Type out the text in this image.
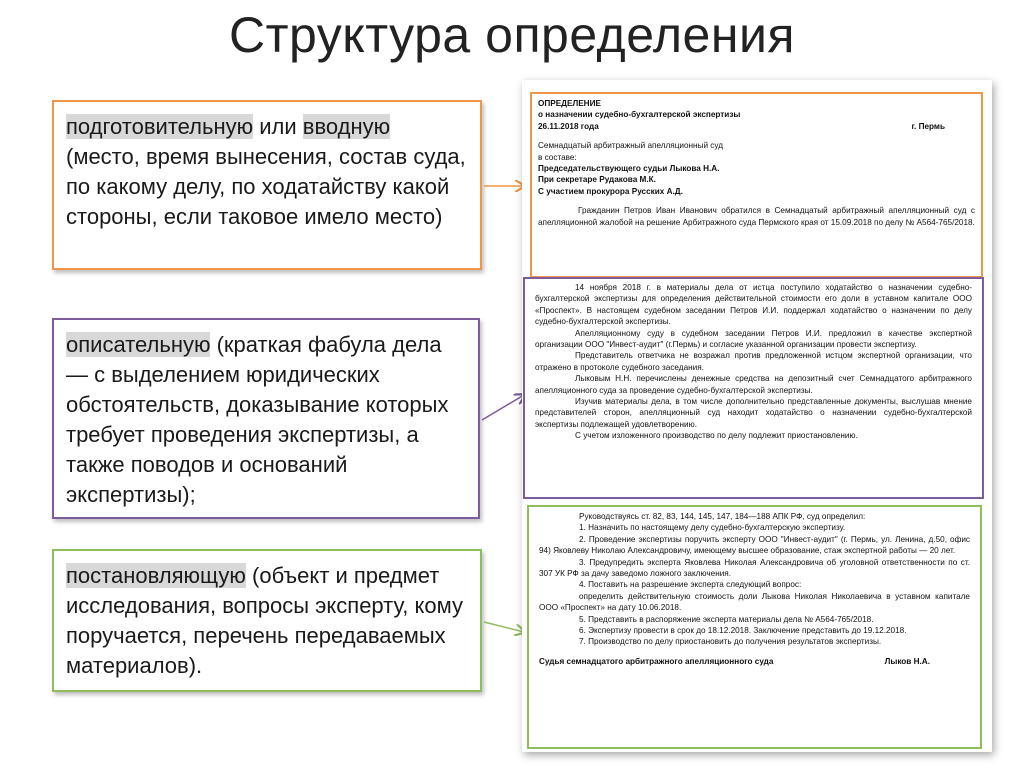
Структура определения
подготовительную или вводную
(место, время вынесения, состав суда, по какому делу, по ходатайству какой стороны, если таковое имело место)
описательную (краткая фабула дела — с выделением юридических обстоятельств, доказывание которых требует проведения экспертизы, а также поводов и оснований экспертизы);
постановляющую (объект и предмет исследования, вопросы эксперту, кому поручается, перечень передаваемых материалов).

ОПРЕДЕЛЕНИЕ

о назначении судебно-бухгалтерской экспертизы

26.11.2018 года	г. Пермь

Семнадцатый арбитражный апелляционный суд

в составе:

Председательствующего судьи Лыкова Н.А.

При секретаре Рудакова М.К.

С участием прокурора Русских А.Д.

Гражданин Петров Иван Иванович обратился в Семнадцатый арбитражный апелляционный суд с апелляционной жалобой на решение Арбитражного суда Пермского края от 15.09.2018 по делу № А564-765/2018.

14 ноября 2018 г. в материалы дела от истца поступило ходатайство о назначении судебно-бухгалтерской экспертизы для определения действительной стоимости его доли в уставном капитале ООО «Проспект». В настоящем судебном заседании Петров И.И. поддержал ходатайство о назначении по делу судебно-бухгалтерской экспертизы.

Апелляционному суду в судебном заседании Петров И.И. предложил в качестве экспертной организации ООО "Инвест-аудит" (г.Пермь) и согласие указанной организации провести экспертизу.

Представитель ответчика не возражал против предложенной истцом экспертной организации, что отражено в протоколе судебного заседания.

Лыковым Н.Н. перечислены денежные средства на депозитный счет Семнадцатого арбитражного апелляционного суда за проведение судебно-бухгалтерской экспертизы.

Изучив материалы дела, в том числе дополнительно представленные документы, выслушав мнение представителей сторон, апелляционный суд находит ходатайство о назначении судебно-бухгалтерской экспертизы подлежащей удовлетворению.

С учетом изложенного производство по делу подлежит приостановлению.

Руководствуясь ст. 82, 83, 144, 145, 147, 184—188 АПК РФ, суд определил:

1. Назначить по настоящему делу судебно-бухгалтерскую экспертизу.

2. Проведение экспертизы поручить эксперту ООО "Инвест-аудит" (г. Пермь, ул. Ленина, д.50, офис 94) Яковлеву Николаю Александровичу, имеющему высшее образование, стаж экспертной работы — 20 лет.

3. Предупредить эксперта Яковлева Николая Александровича об уголовной ответственности по ст. 307 УК РФ за дачу заведомо ложного заключения.

4. Поставить на разрешение эксперта следующий вопрос:

определить действительную стоимость доли Лыкова Николая Николаевича в уставном капитале ООО «Проспект» на дату 10.06.2018.

5. Представить в распоряжение эксперта материалы дела № А564-765/2018.

6. Экспертизу провести в срок до 18.12.2018. Заключение представить до 19.12.2018.

7. Производство по делу приостановить до получения результатов экспертизы.

Судья семнадцатого арбитражного апелляционного суда	Лыков Н.А.
